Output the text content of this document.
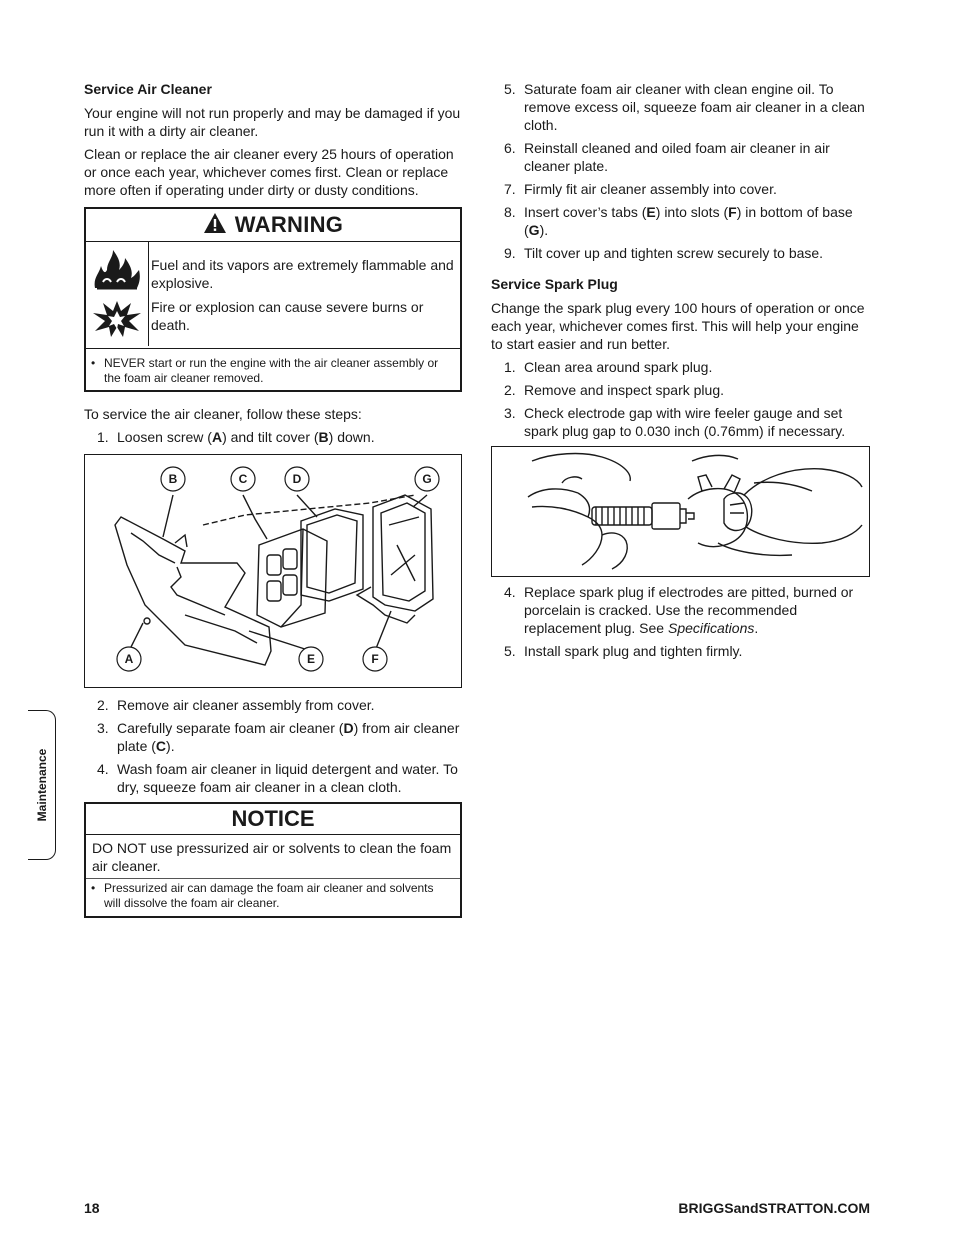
Service Air Cleaner

Your engine will not run properly and may be damaged if you run it with a dirty air cleaner.

Clean or replace the air cleaner every 25 hours of operation or once each year, whichever comes first. Clean or replace more often if operating under dirty or dusty conditions.

WARNING

Fuel and its vapors are extremely flammable and explosive.

Fire or explosion can cause severe burns or death.

• NEVER start or run the engine with the air cleaner assembly or the foam air cleaner removed.

To service the air cleaner, follow these steps:

1. Loosen screw (A) and tilt cover (B) down.
B	C	D	G
A	E	F
2. Remove air cleaner assembly from cover.
3. Carefully separate foam air cleaner (D) from air cleaner plate (C).
4. Wash foam air cleaner in liquid detergent and water. To dry, squeeze foam air cleaner in a clean cloth.
NOTICE
DO NOT use pressurized air or solvents to clean the foam air cleaner.
• Pressurized air can damage the foam air cleaner and solvents will dissolve the foam air cleaner.
5. Saturate foam air cleaner with clean engine oil. To remove excess oil, squeeze foam air cleaner in a clean cloth.
6. Reinstall cleaned and oiled foam air cleaner in air cleaner plate.
7. Firmly fit air cleaner assembly into cover.
8. Insert cover’s tabs (E) into slots (F) in bottom of base (G).
9. Tilt cover up and tighten screw securely to base.
Service Spark Plug

Change the spark plug every 100 hours of operation or once each year, whichever comes first. This will help your engine to start easier and run better.

1. Clean area around spark plug.
2. Remove and inspect spark plug.
3. Check electrode gap with wire feeler gauge and set spark plug gap to 0.030 inch (0.76mm) if necessary.
4. Replace spark plug if electrodes are pitted, burned or porcelain is cracked. Use the recommended replacement plug. See Specifications.
5. Install spark plug and tighten firmly.
Maintenance
18	BRIGGSandSTRATTON.COM
